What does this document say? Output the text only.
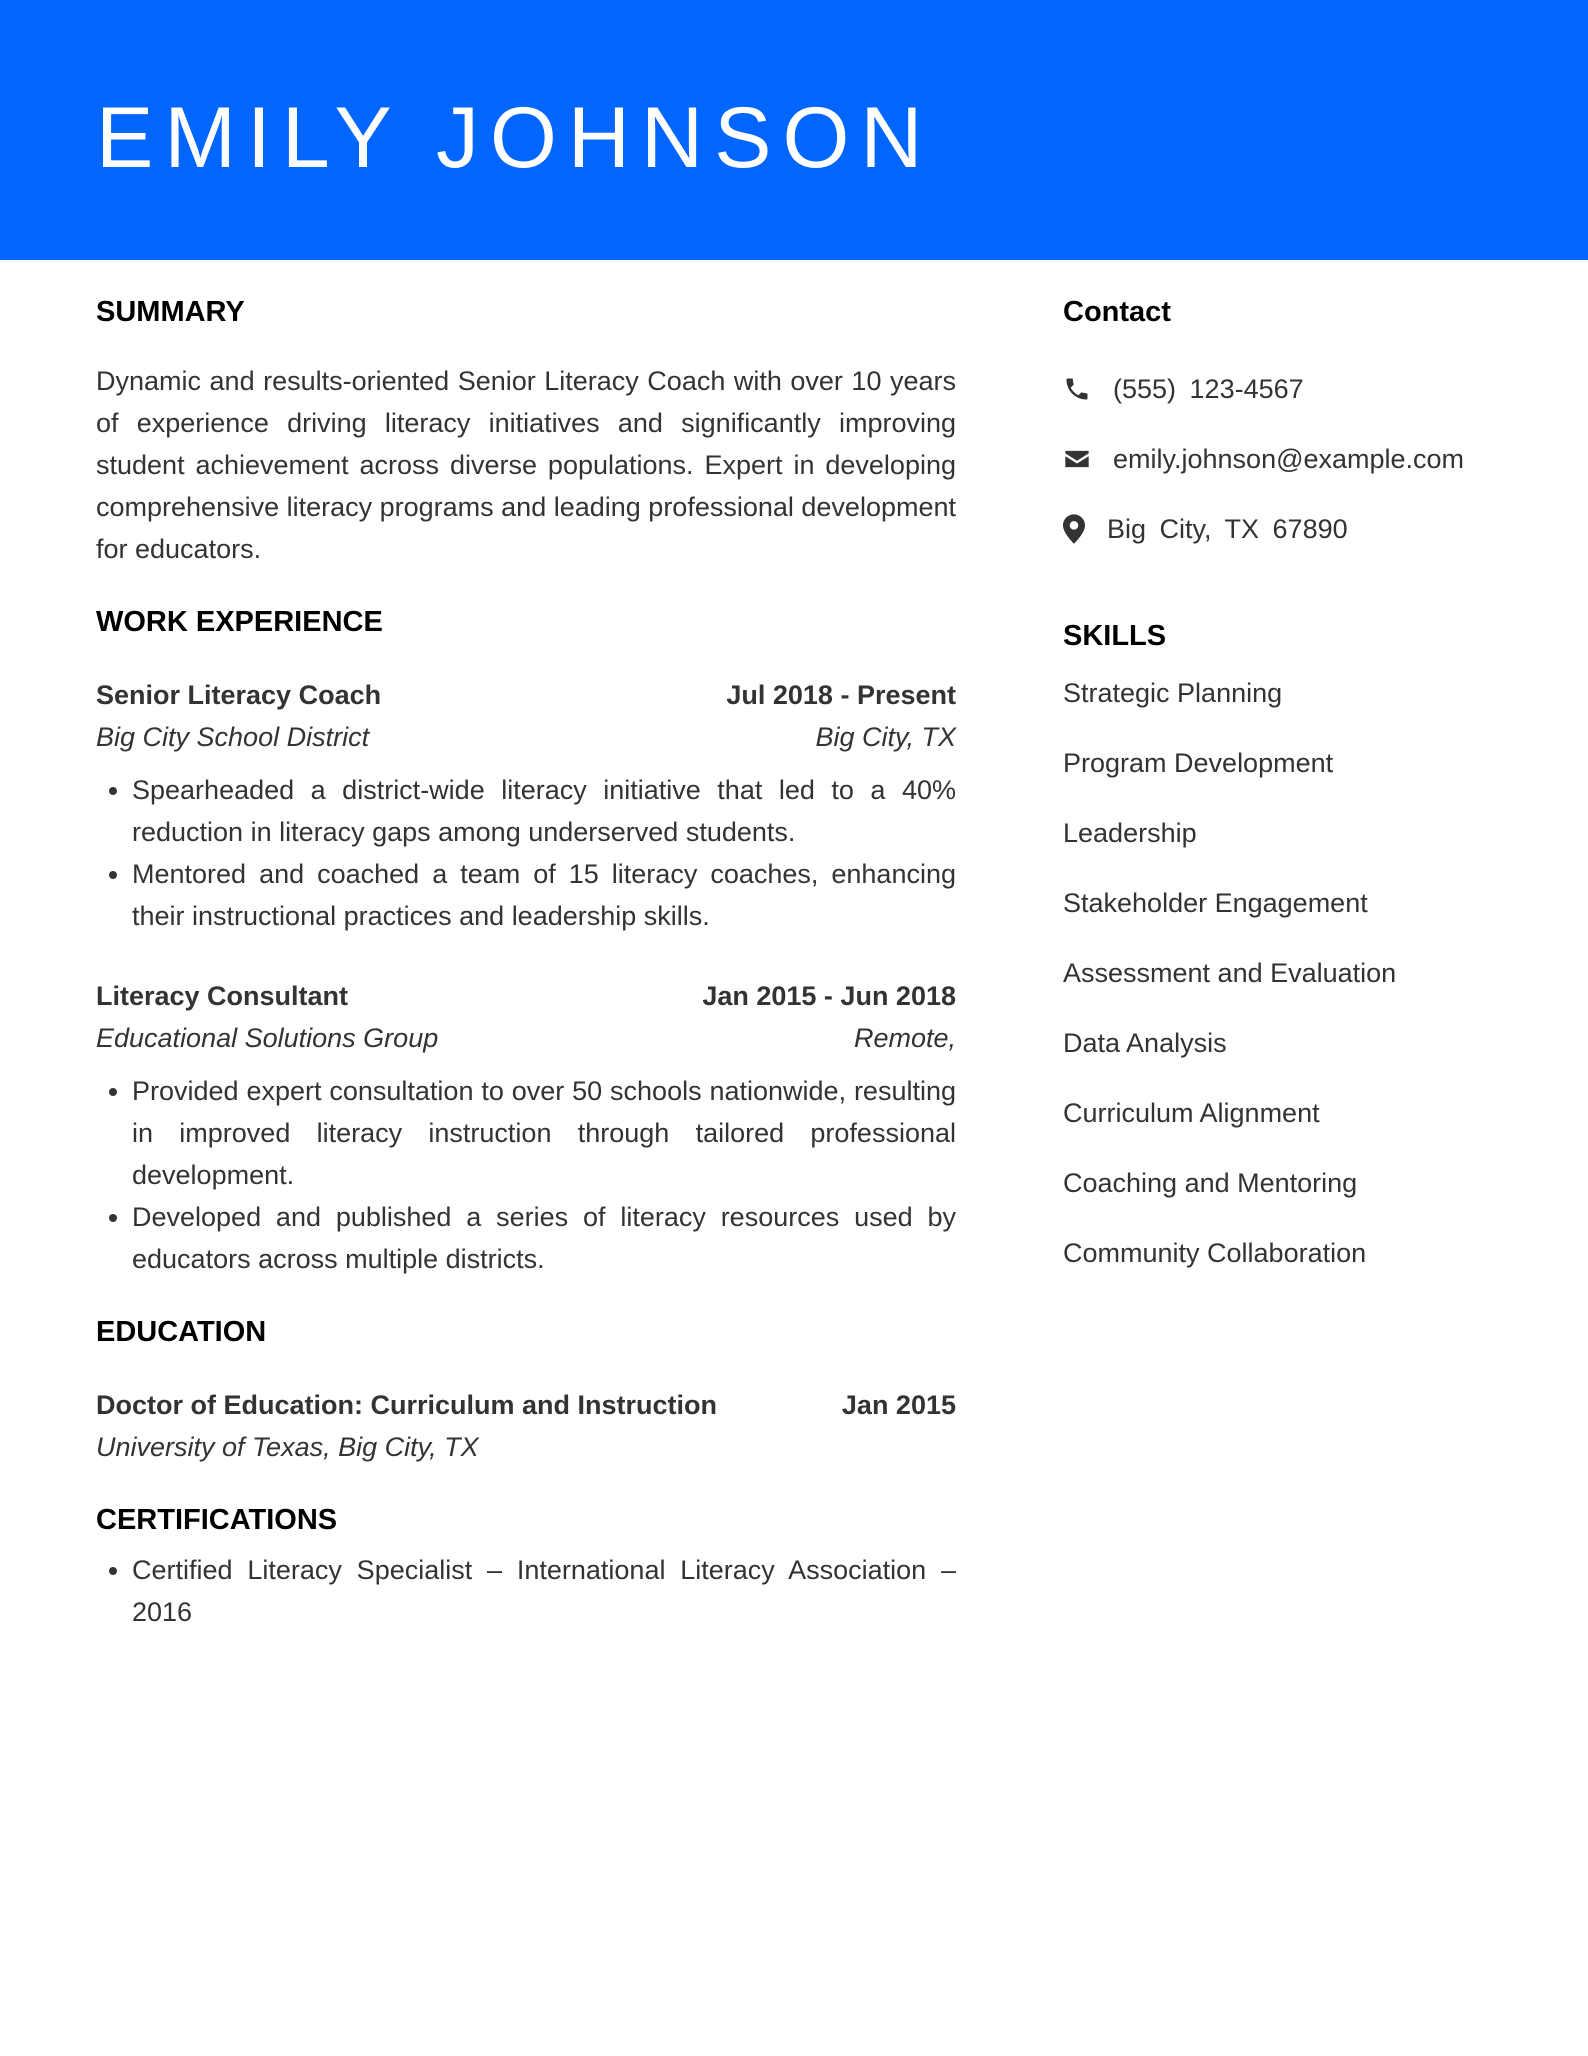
EMILY JOHNSON
SUMMARY

Dynamic and results-oriented Senior Literacy Coach with over 10 years of experience driving literacy initiatives and significantly improving student achievement across diverse populations. Expert in developing comprehensive literacy programs and leading professional development for educators.

WORK EXPERIENCE
Senior Literacy Coach	Jul 2018 - Present
Big City School District	Big City, TX
• Spearheaded a district-wide literacy initiative that led to a 40% reduction in literacy gaps among underserved students.
• Mentored and coached a team of 15 literacy coaches, enhancing their instructional practices and leadership skills.
Literacy Consultant	Jan 2015 - Jun 2018
Educational Solutions Group	Remote,
• Provided expert consultation to over 50 schools nationwide, resulting in improved literacy instruction through tailored professional development.
• Developed and published a series of literacy resources used by educators across multiple districts.
EDUCATION
Doctor of Education: Curriculum and Instruction	Jan 2015
University of Texas, Big City, TX
CERTIFICATIONS
• Certified Literacy Specialist – International Literacy Association – 2016
Contact
(555) 123-4567
emily.johnson@example.com
Big City, TX 67890
SKILLS
Strategic Planning
Program Development
Leadership
Stakeholder Engagement
Assessment and Evaluation
Data Analysis
Curriculum Alignment
Coaching and Mentoring
Community Collaboration
